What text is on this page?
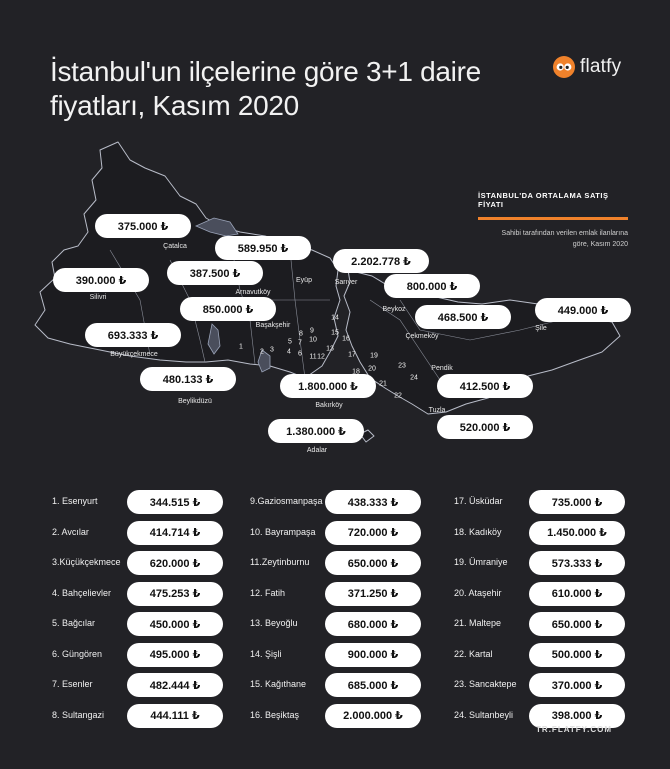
İstanbul'un ilçelerine göre 3+1 daire
fiyatları, Kasım 2020
flatfy
375.000 ₺
Çatalca	589.950 ₺
387.500 ₺
Arnavutköy
390.000 ₺
Silivri
2.202.778 ₺
Sarıyer
Eyüp	800.000 ₺
Beykoz
850.000 ₺
Başakşehir
449.000 ₺
Şile
468.500 ₺
Çekmeköy
693.333 ₺
Büyükçekmece
480.133 ₺
Beylikdüzü
1.800.000 ₺
Bakırköy
412.500 ₺
Pendik
1.380.000 ₺
Adalar
520.000 ₺
Tuzla
1
2 3 4
5
6
7
8 9
10
11 12
13
14
15
16
17
18
19
20
21
22
23
24
İSTANBUL'DA ORTALAMA SATIŞ FİYATI
Sahibi tarafından verilen emlak ilanlarına
göre, Kasım 2020
1. Esenyurt	344.515 ₺
2. Avcılar	414.714 ₺
3.Küçükçekmece	620.000 ₺
4. Bahçelievler	475.253 ₺
5. Bağcılar	450.000 ₺
6. Güngören	495.000 ₺
7. Esenler	482.444 ₺
8. Sultangazi	444.111 ₺
9.Gaziosmanpaşa	438.333 ₺
10. Bayrampaşa	720.000 ₺
11.Zeytinburnu	650.000 ₺
12. Fatih	371.250 ₺
13. Beyoğlu	680.000 ₺
14. Şişli	900.000 ₺
15. Kağıthane	685.000 ₺
16. Beşiktaş	2.000.000 ₺
17. Üsküdar	735.000 ₺
18. Kadıköy	1.450.000 ₺
19. Ümraniye	573.333 ₺
20. Ataşehir	610.000 ₺
21. Maltepe	650.000 ₺
22. Kartal	500.000 ₺
23. Sancaktepe	370.000 ₺
24. Sultanbeyli	398.000 ₺
TR.FLATFY.COM
